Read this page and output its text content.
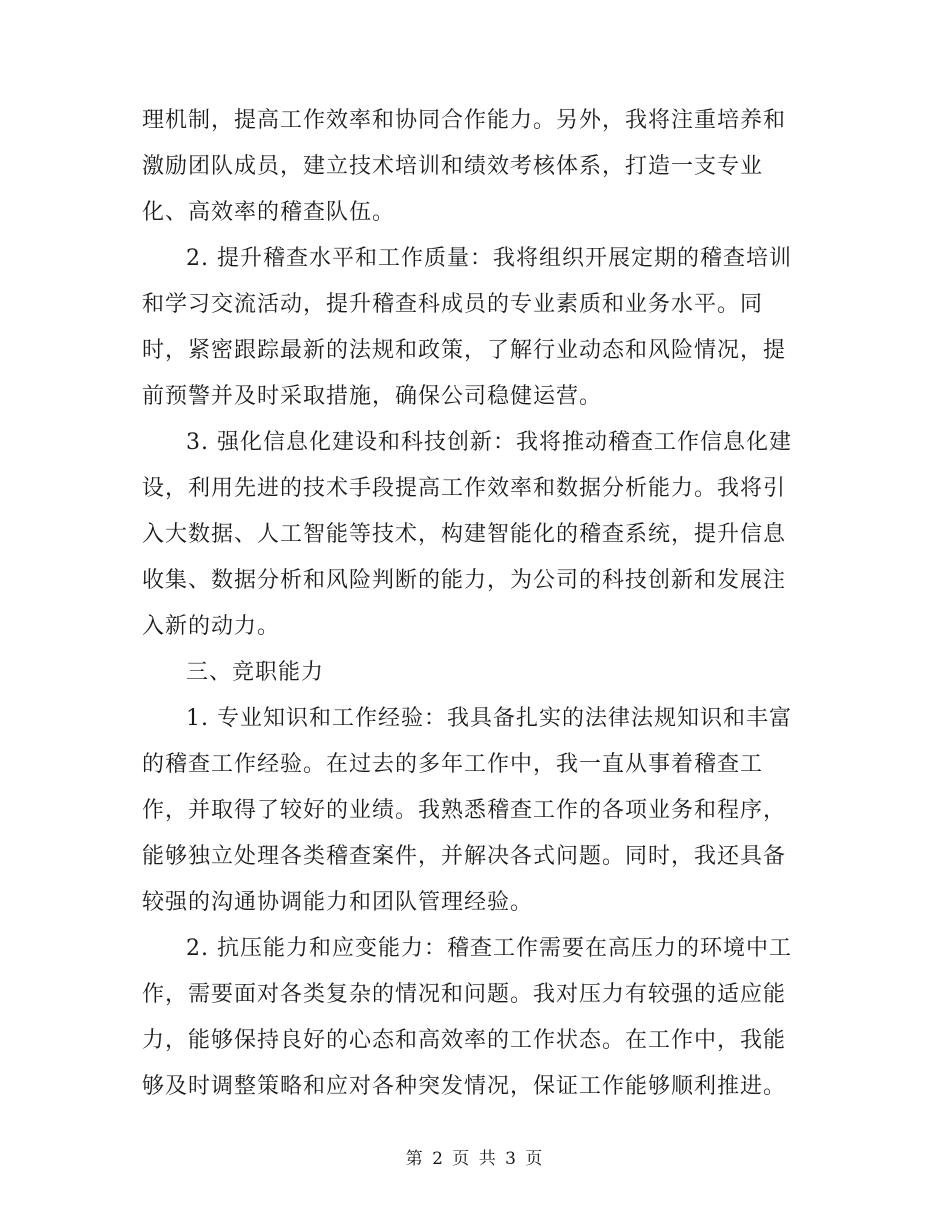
理机制，提高工作效率和协同合作能力。另外，我将注重培养和
激励团队成员，建立技术培训和绩效考核体系，打造一支专业
化、高效率的稽查队伍。
2. 提升稽查水平和工作质量：我将组织开展定期的稽查培训
和学习交流活动，提升稽查科成员的专业素质和业务水平。同
时，紧密跟踪最新的法规和政策，了解行业动态和风险情况，提
前预警并及时采取措施，确保公司稳健运营。
3. 强化信息化建设和科技创新：我将推动稽查工作信息化建
设，利用先进的技术手段提高工作效率和数据分析能力。我将引
入大数据、人工智能等技术，构建智能化的稽查系统，提升信息
收集、数据分析和风险判断的能力，为公司的科技创新和发展注
入新的动力。
三、竞职能力
1. 专业知识和工作经验：我具备扎实的法律法规知识和丰富
的稽查工作经验。在过去的多年工作中，我一直从事着稽查工
作，并取得了较好的业绩。我熟悉稽查工作的各项业务和程序，
能够独立处理各类稽查案件，并解决各式问题。同时，我还具备
较强的沟通协调能力和团队管理经验。
2. 抗压能力和应变能力：稽查工作需要在高压力的环境中工
作，需要面对各类复杂的情况和问题。我对压力有较强的适应能
力，能够保持良好的心态和高效率的工作状态。在工作中，我能
够及时调整策略和应对各种突发情况，保证工作能够顺利推进。
第 2 页 共 3 页
